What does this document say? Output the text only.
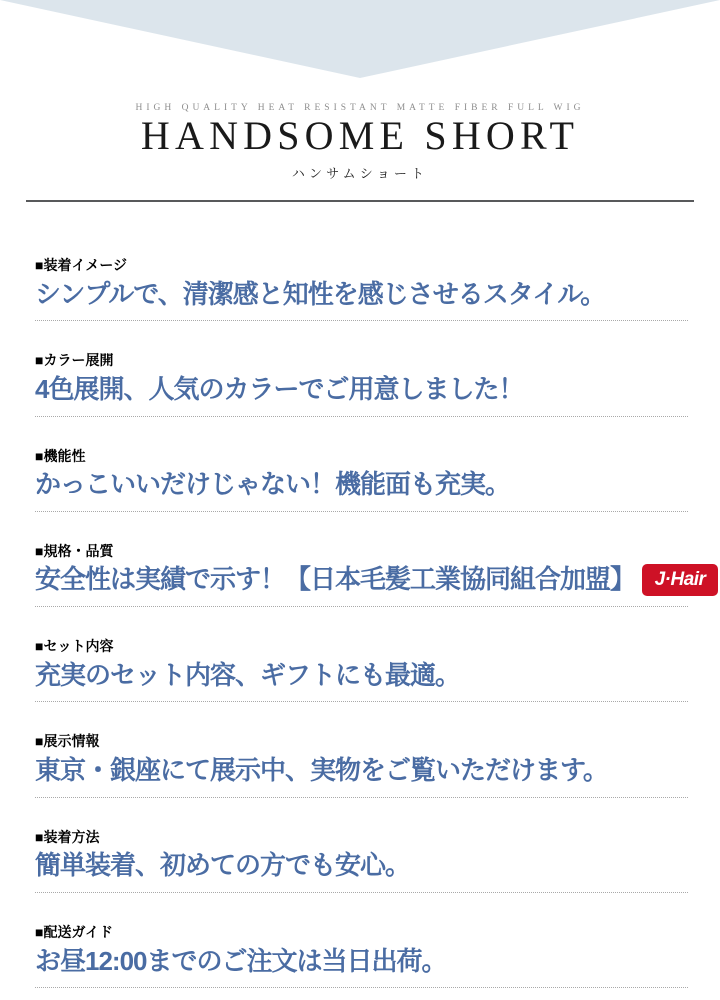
HIGH QUALITY HEAT RESISTANT MATTE FIBER FULL WIG
HANDSOME SHORT
ハンサムショート
■装着イメージ
シンプルで、清潔感と知性を感じさせるスタイル。
■カラー展開
4色展開、人気のカラーでご用意しました！
■機能性
かっこいいだけじゃない！機能面も充実。
■規格・品質
安全性は実績で示す！【日本毛髪工業協同組合加盟】	J·Hair
■セット内容
充実のセット内容、ギフトにも最適。
■展示情報
東京・銀座にて展示中、実物をご覧いただけます。
■装着方法
簡単装着、初めての方でも安心。
■配送ガイド
お昼12:00までのご注文は当日出荷。
